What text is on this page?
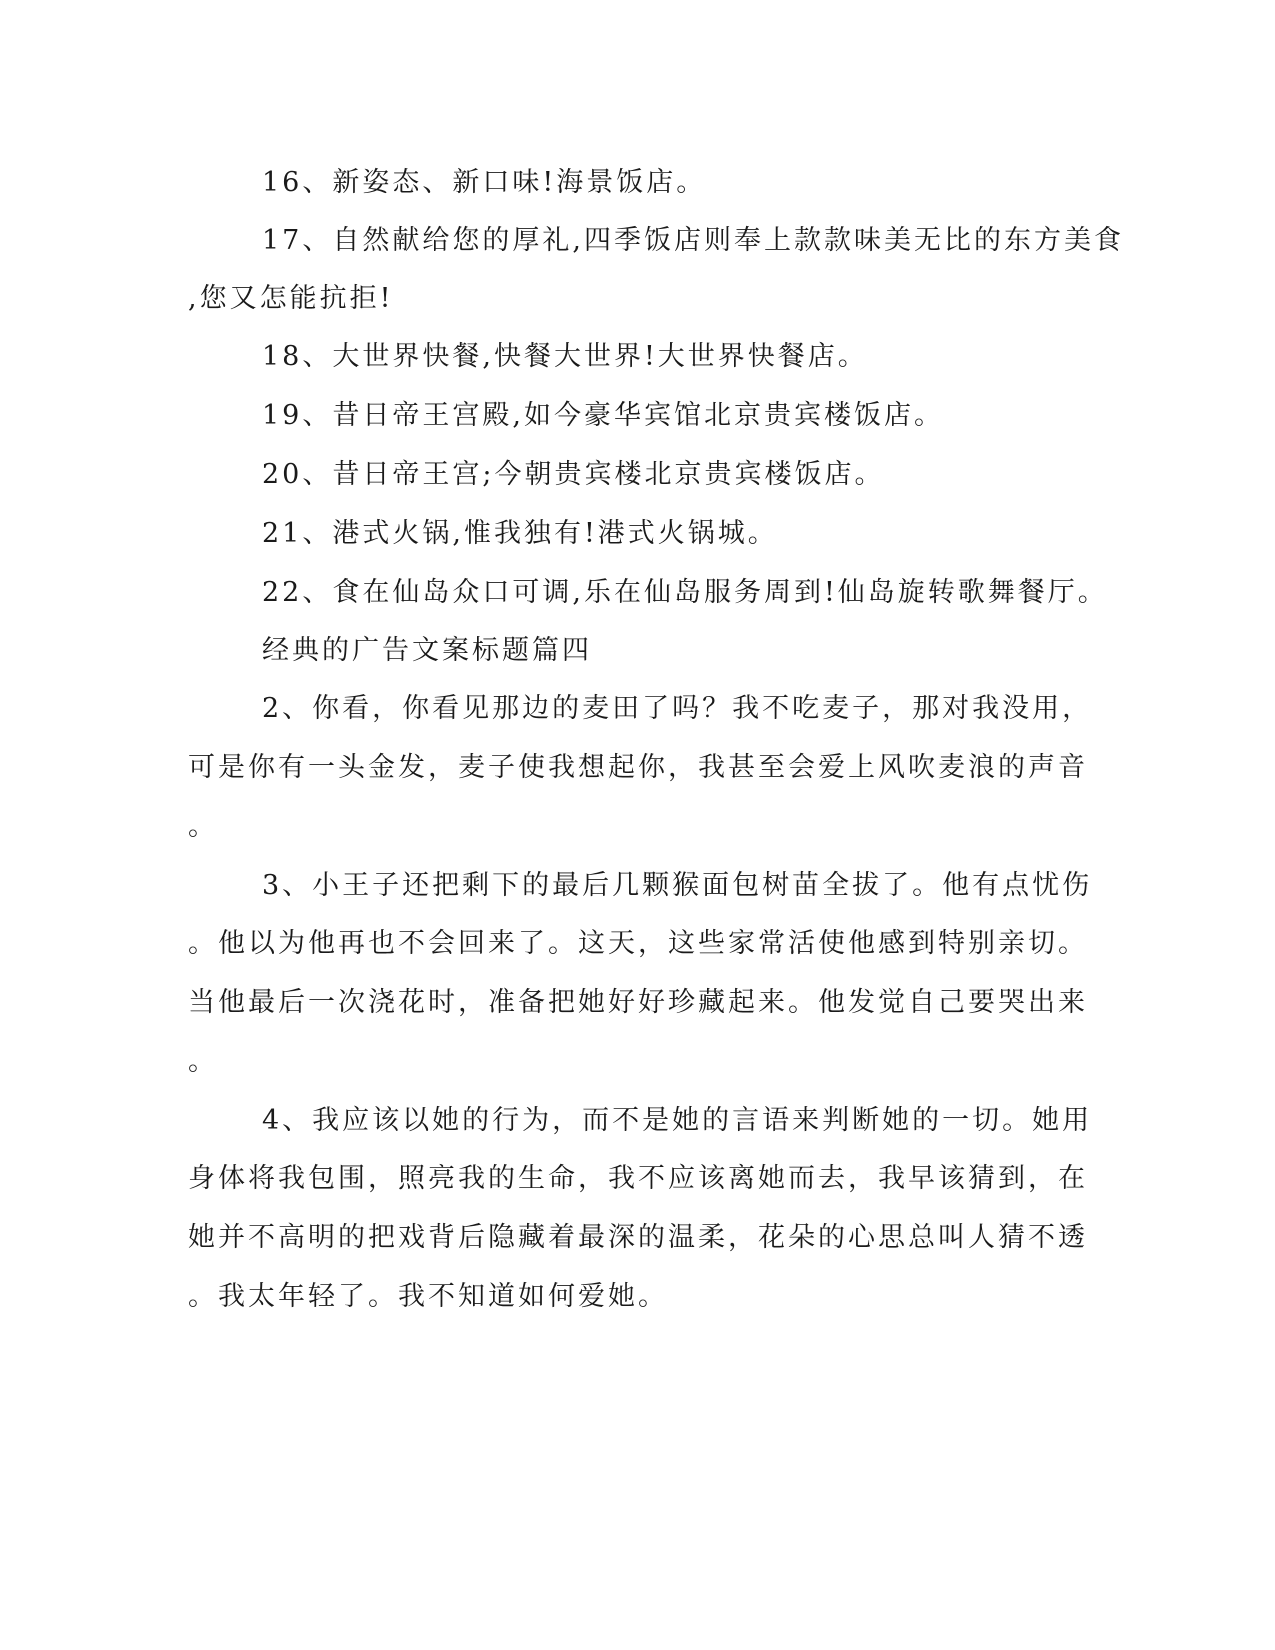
16、新姿态、新口味!海景饭店。

17、自然献给您的厚礼,四季饭店则奉上款款味美无比的东方美食

,您又怎能抗拒!

18、大世界快餐,快餐大世界!大世界快餐店。

19、昔日帝王宫殿,如今豪华宾馆北京贵宾楼饭店。

20、昔日帝王宫;今朝贵宾楼北京贵宾楼饭店。

21、港式火锅,惟我独有!港式火锅城。

22、食在仙岛众口可调,乐在仙岛服务周到!仙岛旋转歌舞餐厅。

经典的广告文案标题篇四

2、你看，你看见那边的麦田了吗？我不吃麦子，那对我没用，

可是你有一头金发，麦子使我想起你，我甚至会爱上风吹麦浪的声音

。

3、小王子还把剩下的最后几颗猴面包树苗全拔了。他有点忧伤

。他以为他再也不会回来了。这天，这些家常活使他感到特别亲切。

当他最后一次浇花时，准备把她好好珍藏起来。他发觉自己要哭出来

。

4、我应该以她的行为，而不是她的言语来判断她的一切。她用

身体将我包围，照亮我的生命，我不应该离她而去，我早该猜到，在

她并不高明的把戏背后隐藏着最深的温柔，花朵的心思总叫人猜不透

。我太年轻了。我不知道如何爱她。
